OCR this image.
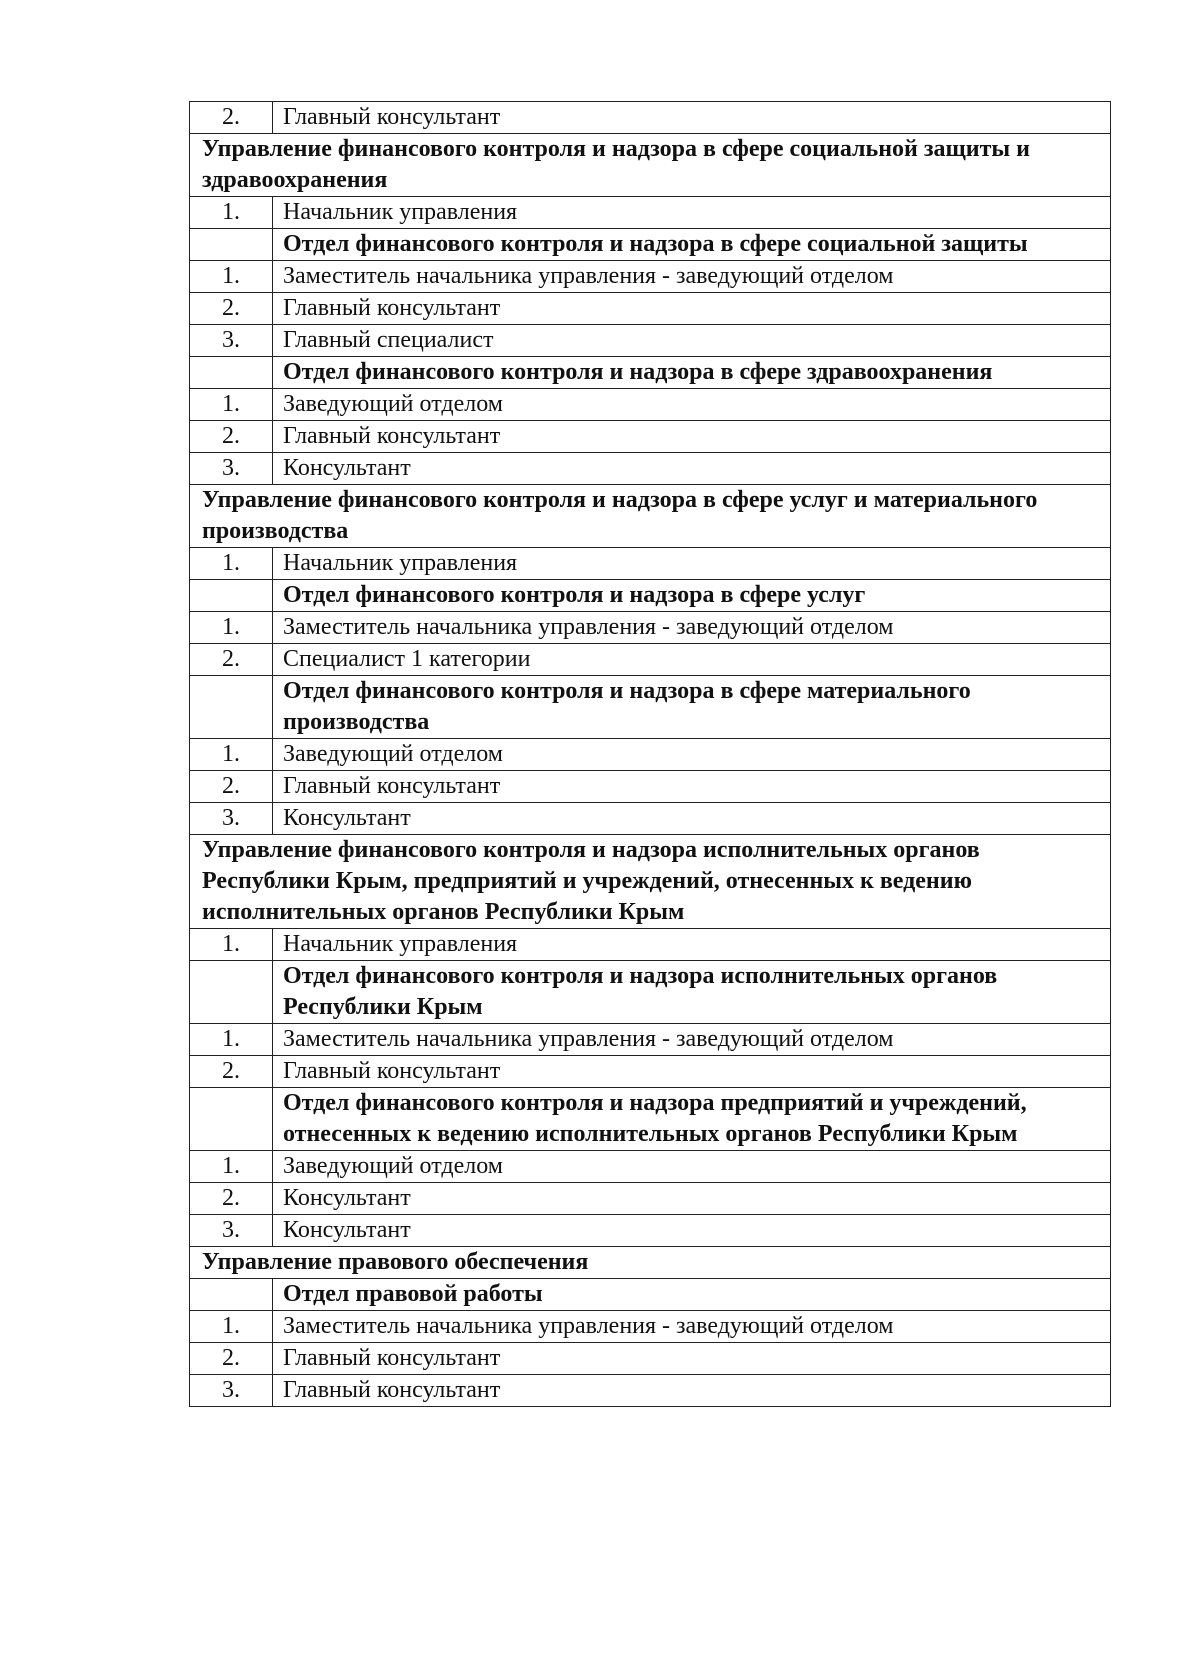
2.	Главный консультант
Управление финансового контроля и надзора в сфере социальной защиты и здравоохранения	
1.	Начальник управления
	Отдел финансового контроля и надзора в сфере социальной защиты
1.	Заместитель начальника управления - заведующий отделом
2.	Главный консультант
3.	Главный специалист
	Отдел финансового контроля и надзора в сфере здравоохранения
1.	Заведующий отделом
2.	Главный консультант
3.	Консультант
Управление финансового контроля и надзора в сфере услуг и материального производства	
1.	Начальник управления
	Отдел финансового контроля и надзора в сфере услуг
1.	Заместитель начальника управления - заведующий отделом
2.	Специалист 1 категории
	Отдел финансового контроля и надзора в сфере материального производства
1.	Заведующий отделом
2.	Главный консультант
3.	Консультант
Управление финансового контроля и надзора исполнительных органов Республики Крым, предприятий и учреждений, отнесенных к ведению исполнительных органов Республики Крым	
1.	Начальник управления
	Отдел финансового контроля и надзора исполнительных органов Республики Крым
1.	Заместитель начальника управления - заведующий отделом
2.	Главный консультант
	Отдел финансового контроля и надзора предприятий и учреждений, отнесенных к ведению исполнительных органов Республики Крым
1.	Заведующий отделом
2.	Консультант
3.	Консультант
Управление правового обеспечения	
	Отдел правовой работы
1.	Заместитель начальника управления - заведующий отделом
2.	Главный консультант
3.	Главный консультант
